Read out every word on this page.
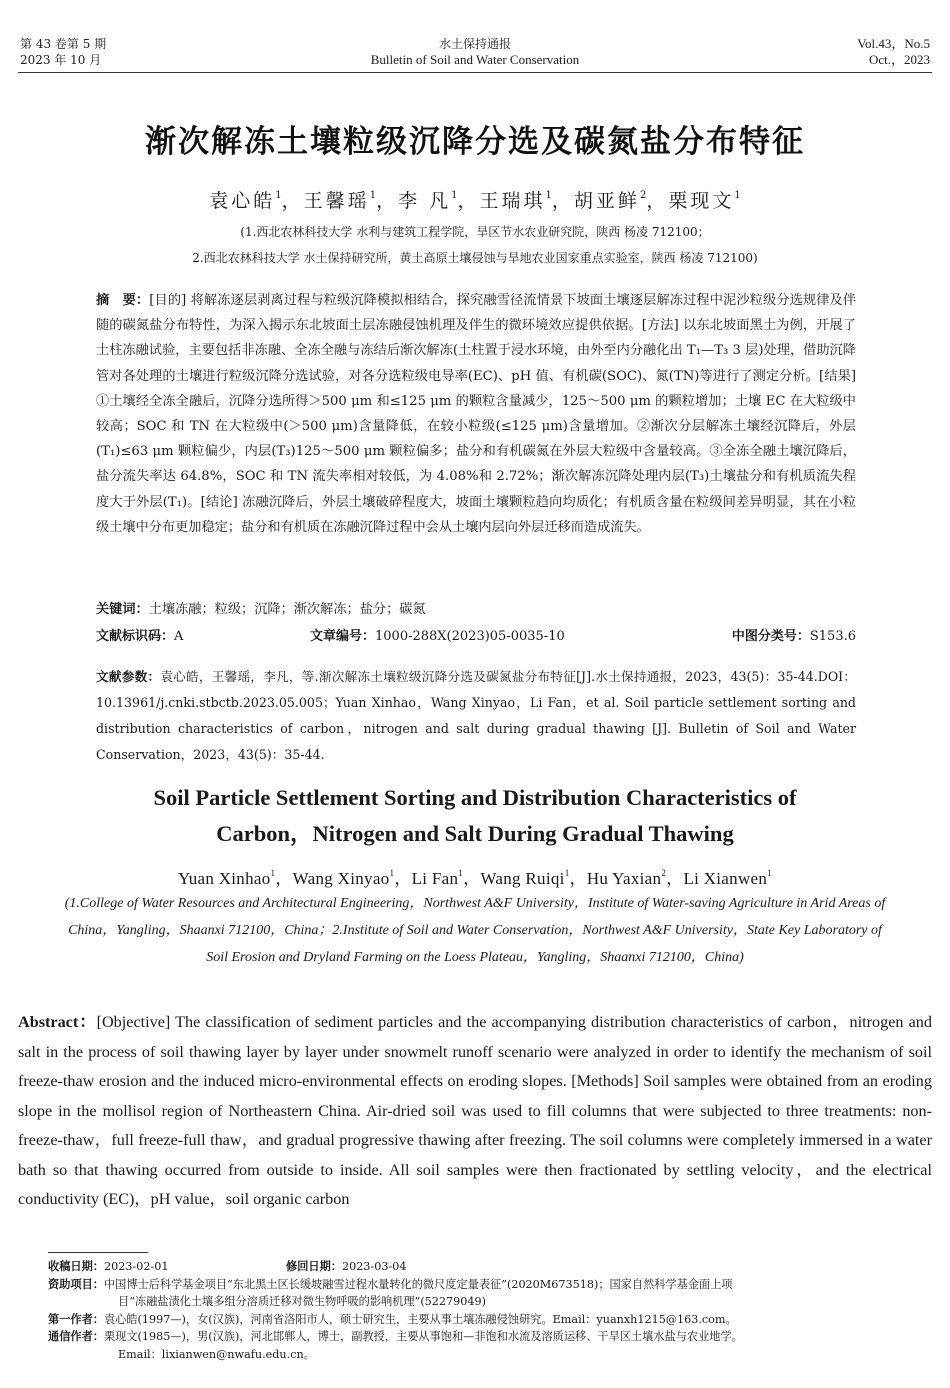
第 43 卷第 5 期
2023 年 10 月
水土保持通报
Bulletin of Soil and Water Conservation
Vol.43，No.5
Oct.，2023
渐次解冻土壤粒级沉降分选及碳氮盐分布特征
袁心皓$^1$，王馨瑶$^1$，李 凡$^1$，王瑞琪$^1$，胡亚鲜$^2$，栗现文$^1$
(1.西北农林科技大学 水利与建筑工程学院，旱区节水农业研究院，陕西 杨凌 712100；
2.西北农林科技大学 水土保持研究所，黄土高原土壤侵蚀与旱地农业国家重点实验室，陕西 杨凌 712100)
摘　要：[目的] 将解冻逐层剥离过程与粒级沉降模拟相结合，探究融雪径流情景下坡面土壤逐层解冻过程中泥沙粒级分选规律及伴随的碳氮盐分布特性，为深入揭示东北坡面土层冻融侵蚀机理及伴生的微环境效应提供依据。[方法] 以东北坡面黑土为例，开展了土柱冻融试验，主要包括非冻融、全冻全融与冻结后渐次解冻(土柱置于浸水环境，由外至内分融化出 T₁—T₃ 3 层)处理，借助沉降管对各处理的土壤进行粒级沉降分选试验，对各分选粒级电导率(EC)、pH 值、有机碳(SOC)、氮(TN)等进行了测定分析。[结果] ①土壤经全冻全融后，沉降分选所得＞500 μm 和≤125 μm 的颗粒含量减少，125～500 μm 的颗粒增加；土壤 EC 在大粒级中较高；SOC 和 TN 在大粒级中(＞500 μm)含量降低，在较小粒级(≤125 μm)含量增加。②渐次分层解冻土壤经沉降后，外层(T₁)≤63 μm 颗粒偏少，内层(T₃)125～500 μm 颗粒偏多；盐分和有机碳氮在外层大粒级中含量较高。③全冻全融土壤沉降后，盐分流失率达 64.8%，SOC 和 TN 流失率相对较低，为 4.08%和 2.72%；渐次解冻沉降处理内层(T₃)土壤盐分和有机质流失程度大于外层(T₁)。[结论] 冻融沉降后，外层土壤破碎程度大，坡面土壤颗粒趋向均质化；有机质含量在粒级间差异明显，其在小粒级土壤中分布更加稳定；盐分和有机质在冻融沉降过程中会从土壤内层向外层迁移而造成流失。
关键词：土壤冻融；粒级；沉降；渐次解冻；盐分；碳氮
文献标识码：A	文章编号：1000-288X(2023)05-0035-10	中图分类号：S153.6
文献参数：袁心皓，王馨瑶，李凡，等.渐次解冻土壤粒级沉降分选及碳氮盐分布特征[J].水土保持通报，2023，43(5)：35-44.DOI：10.13961/j.cnki.stbctb.2023.05.005；Yuan Xinhao，Wang Xinyao，Li Fan，et al. Soil particle settlement sorting and distribution characteristics of carbon，nitrogen and salt during gradual thawing [J]. Bulletin of Soil and Water Conservation，2023，43(5)：35-44.
Soil Particle Settlement Sorting and Distribution Characteristics of
Carbon，Nitrogen and Salt During Gradual Thawing
Yuan Xinhao$^1$，Wang Xinyao$^1$，Li Fan$^1$，Wang Ruiqi$^1$，Hu Yaxian$^2$，Li Xianwen$^1$
(1.College of Water Resources and Architectural Engineering，Northwest A&F University，Institute of Water-saving Agriculture in Arid Areas of China，Yangling，Shaanxi 712100，China；2.Institute of Soil and Water Conservation，Northwest A&F University，State Key Laboratory of Soil Erosion and Dryland Farming on the Loess Plateau，Yangling，Shaanxi 712100，China)
Abstract：[Objective] The classification of sediment particles and the accompanying distribution characteristics of carbon，nitrogen and salt in the process of soil thawing layer by layer under snowmelt runoff scenario were analyzed in order to identify the mechanism of soil freeze-thaw erosion and the induced micro-environmental effects on eroding slopes. [Methods] Soil samples were obtained from an eroding slope in the mollisol region of Northeastern China. Air-dried soil was used to fill columns that were subjected to three treatments: non-freeze-thaw，full freeze-full thaw，and gradual progressive thawing after freezing. The soil columns were completely immersed in a water bath so that thawing occurred from outside to inside. All soil samples were then fractionated by settling velocity，and the electrical conductivity (EC)，pH value，soil organic carbon
收稿日期：2023-02-01	修回日期：2023-03-04
资助项目：中国博士后科学基金项目“东北黑土区长缓坡融雪过程水量转化的微尺度定量表征”(2020M673518)；国家自然科学基金面上项
目“冻融盐渍化土壤多组分溶质迁移对微生物呼吸的影响机理”(52279049)
第一作者：袁心皓(1997—)，女(汉族)，河南省洛阳市人，硕士研究生，主要从事土壤冻融侵蚀研究。Email：yuanxh1215@163.com。
通信作者：栗现文(1985—)，男(汉族)，河北邯郸人，博士，副教授，主要从事饱和—非饱和水流及溶质运移、干旱区土壤水盐与农业地学。
Email：lixianwen@nwafu.edu.cn。
